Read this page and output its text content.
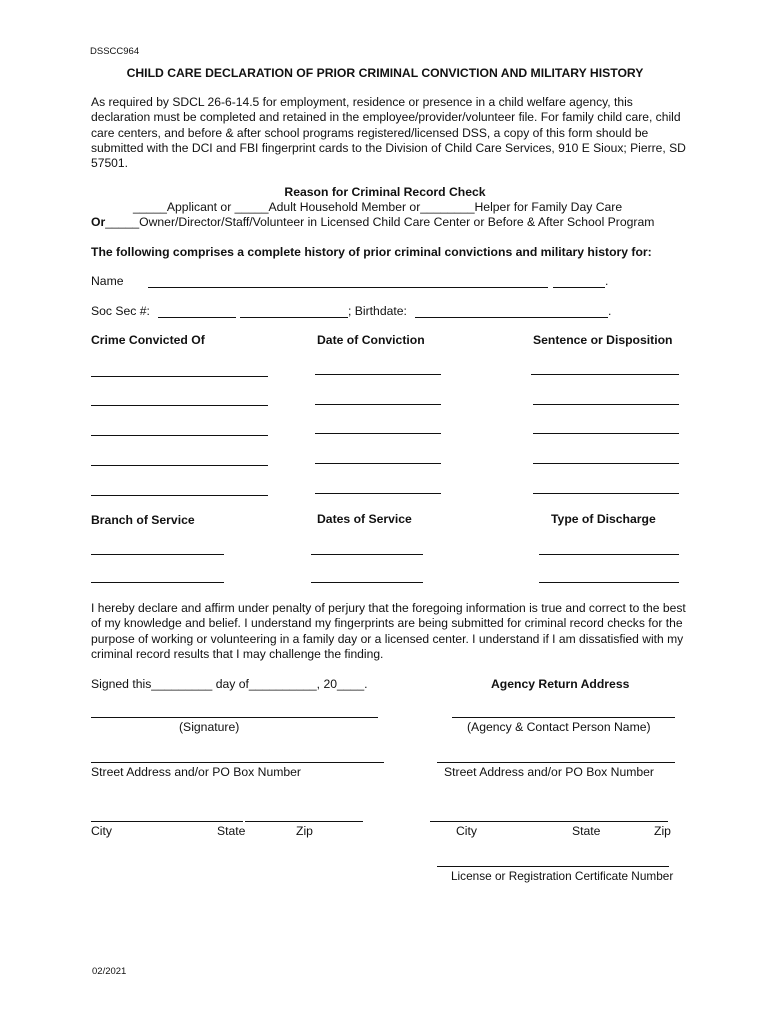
DSSCC964
CHILD CARE DECLARATION OF PRIOR CRIMINAL CONVICTION AND MILITARY HISTORY
As required by SDCL 26-6-14.5 for employment, residence or presence in a child welfare agency, this declaration must be completed and retained in the employee/provider/volunteer file. For family child care, child care centers, and before & after school programs registered/licensed DSS, a copy of this form should be submitted with the DCI and FBI fingerprint cards to the Division of Child Care Services, 910 E Sioux; Pierre, SD 57501.
Reason for Criminal Record Check
_____Applicant or _____Adult Household Member or________Helper for Family Day Care
Or_____Owner/Director/Staff/Volunteer in Licensed Child Care Center or Before & After School Program
The following comprises a complete history of prior criminal convictions and military history for:
Name	.
Soc Sec #:	; Birthdate:	.
Crime Convicted Of	Date of Conviction	Sentence or Disposition
Branch of Service	Dates of Service	Type of Discharge
I hereby declare and affirm under penalty of perjury that the foregoing information is true and correct to the best of my knowledge and belief. I understand my fingerprints are being submitted for criminal record checks for the purpose of working or volunteering in a family day or a licensed center. I understand if I am dissatisfied with my criminal record results that I may challenge the finding.
Signed this_________ day of__________, 20____.	Agency Return Address
(Signature)	(Agency & Contact Person Name)
Street Address and/or PO Box Number	Street Address and/or PO Box Number
City	State	Zip	City	State	Zip
License or Registration Certificate Number
02/2021
